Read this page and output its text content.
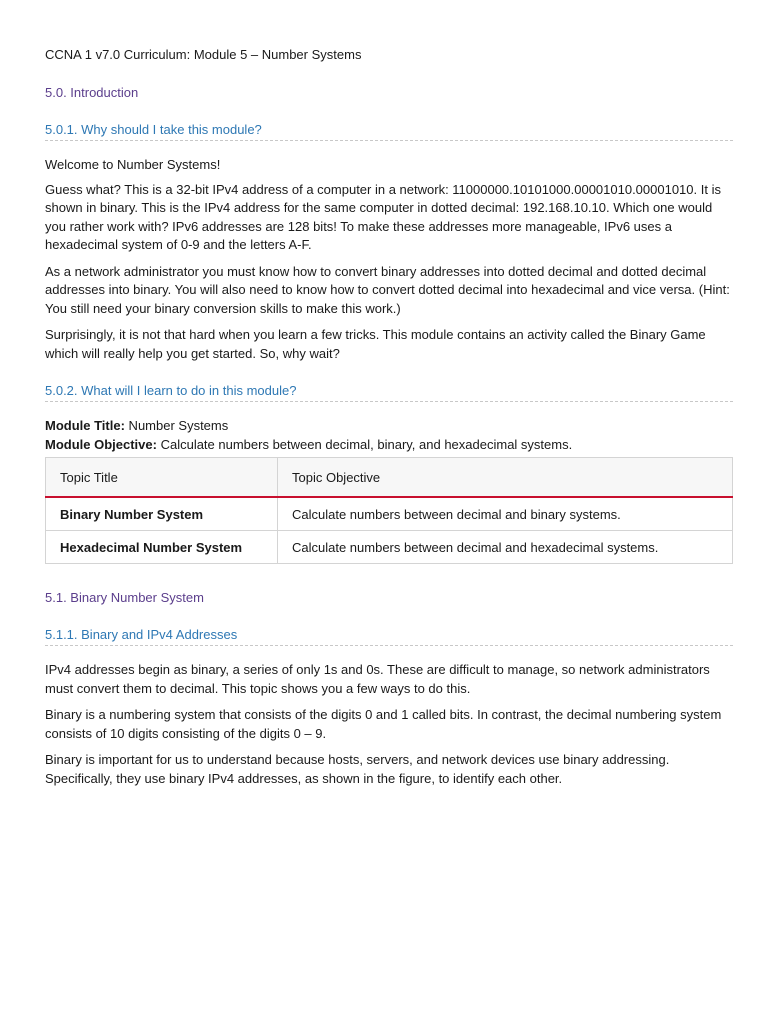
CCNA 1 v7.0 Curriculum: Module 5 – Number Systems
5.0. Introduction
5.0.1. Why should I take this module?

Welcome to Number Systems!

Guess what? This is a 32-bit IPv4 address of a computer in a network: 11000000.10101000.00001010.00001010. It is shown in binary. This is the IPv4 address for the same computer in dotted decimal: 192.168.10.10. Which one would you rather work with? IPv6 addresses are 128 bits! To make these addresses more manageable, IPv6 uses a hexadecimal system of 0-9 and the letters A-F.

As a network administrator you must know how to convert binary addresses into dotted decimal and dotted decimal addresses into binary. You will also need to know how to convert dotted decimal into hexadecimal and vice versa. (Hint: You still need your binary conversion skills to make this work.)

Surprisingly, it is not that hard when you learn a few tricks. This module contains an activity called the Binary Game which will really help you get started. So, why wait?

5.0.2. What will I learn to do in this module?
Module Title: Number Systems
Module Objective: Calculate numbers between decimal, binary, and hexadecimal systems.
Topic Title	Topic Objective
Binary Number System	Calculate numbers between decimal and binary systems.
Hexadecimal Number System	Calculate numbers between decimal and hexadecimal systems.
5.1. Binary Number System
5.1.1. Binary and IPv4 Addresses

IPv4 addresses begin as binary, a series of only 1s and 0s. These are difficult to manage, so network administrators must convert them to decimal. This topic shows you a few ways to do this.

Binary is a numbering system that consists of the digits 0 and 1 called bits. In contrast, the decimal numbering system consists of 10 digits consisting of the digits 0 – 9.

Binary is important for us to understand because hosts, servers, and network devices use binary addressing. Specifically, they use binary IPv4 addresses, as shown in the figure, to identify each other.
